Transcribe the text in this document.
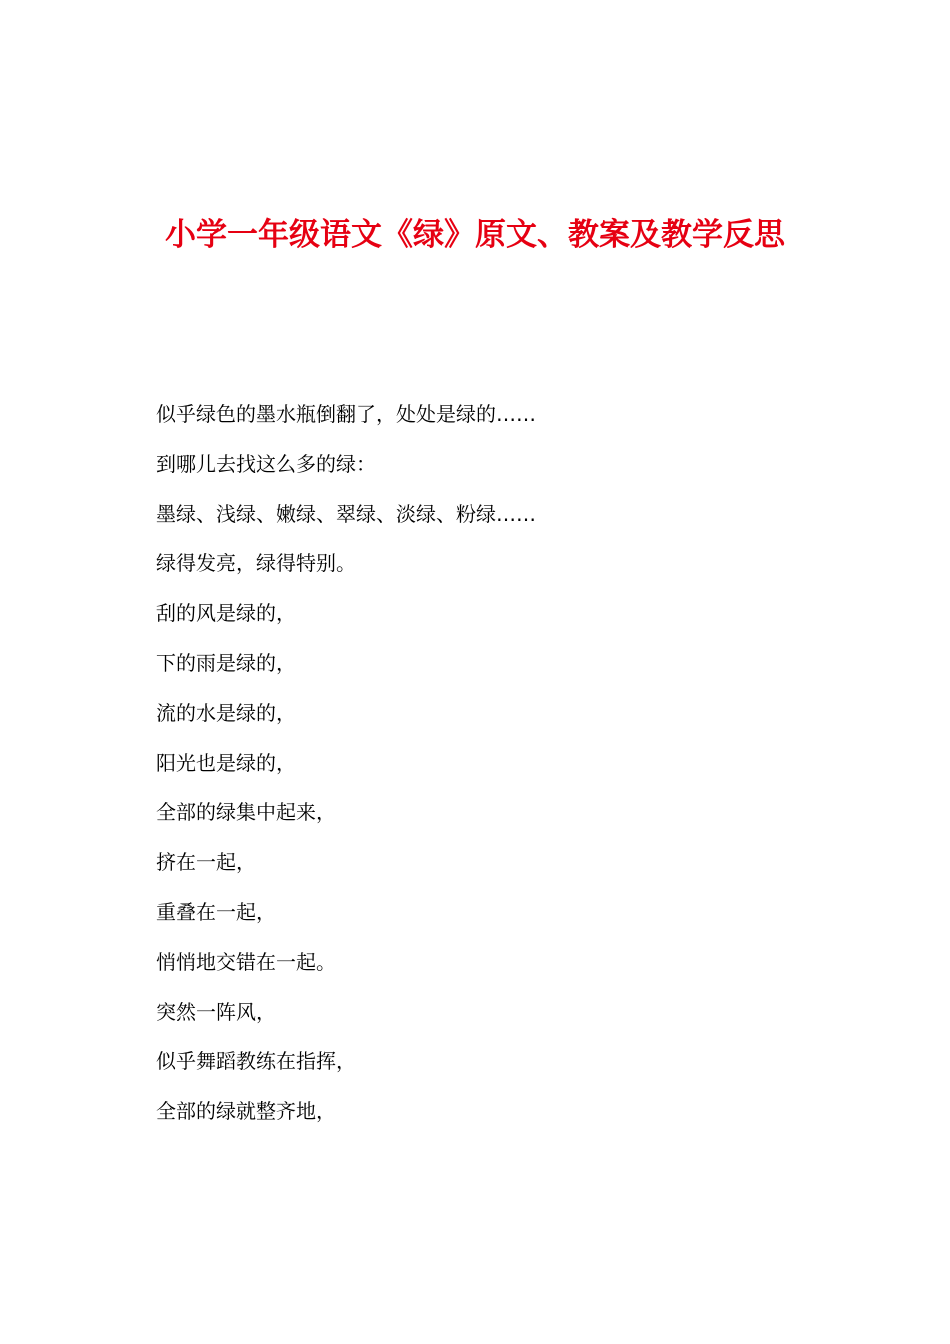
小学一年级语文《绿》原文、教案及教学反思
似乎绿色的墨水瓶倒翻了，处处是绿的……
到哪儿去找这么多的绿：
墨绿、浅绿、嫩绿、翠绿、淡绿、粉绿……
绿得发亮，绿得特别。
刮的风是绿的，
下的雨是绿的，
流的水是绿的，
阳光也是绿的，
全部的绿集中起来，
挤在一起，
重叠在一起，
悄悄地交错在一起。
突然一阵风，
似乎舞蹈教练在指挥，
全部的绿就整齐地，
